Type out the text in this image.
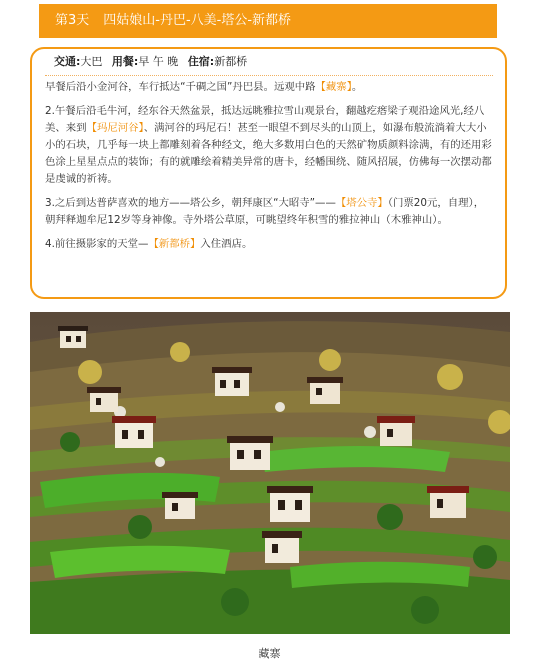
第3天 四姑娘山-丹巴-八美-塔公-新都桥
交通:大巴 用餐:早 午 晚 住宿:新都桥

早餐后沿小金河谷，车行抵达“千碉之国”丹巴县。远观中路【藏寨】。

2.午餐后沿毛牛河，经东谷天然盆景，抵达远眺雅拉雪山观景台，翻越疙瘩梁子观沿途风光,经八美、来到【玛尼河谷】、满河谷的玛尼石！甚至一眼望不到尽头的山顶上，如瀑布般流淌着大大小小的石块，几乎每一块上都雕刻着各种经文，绝大多数用白色的天然矿物质颜料涂满，有的还用彩色涂上星星点点的装饰；有的就雕绘着精美异常的唐卡，经幡围绕、随风招展，仿佛每一次摆动都是虔诚的祈祷。

3.之后到达普萨喜欢的地方——塔公乡，朝拜康区“大昭寺”——【塔公寺】（门票20元，自理），朝拜释迦牟尼12岁等身神像。寺外塔公草原，可眺望终年积雪的雅拉神山（木雅神山）。

4.前往摄影家的天堂—【新都桥】入住酒店。

藏寨
